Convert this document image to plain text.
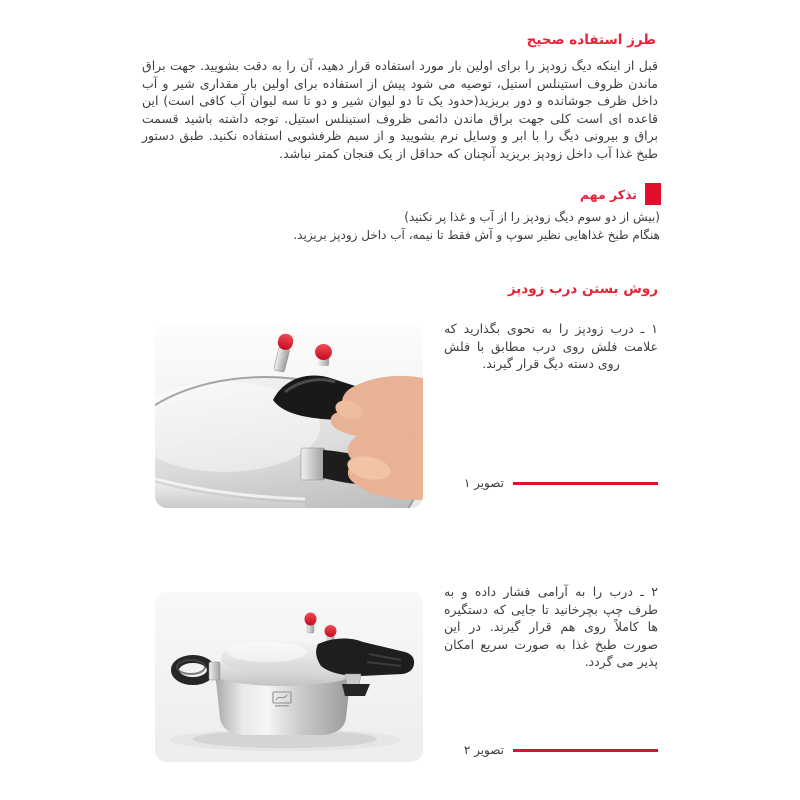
طرز استفاده صحیح

قبل از اینکه دیگ زودپز را برای اولین بار مورد استفاده قرار دهید، آن را به دقت بشویید. جهت براق ماندن ظروف استینلس استیل، توصیه می شود پیش از استفاده برای اولین بار مقداری شیر و آب داخل ظرف جوشانده و دور بریزید(حدود یک تا دو لیوان شیر و دو تا سه لیوان آب کافی است) این قاعده ای است کلی جهت براق ماندن دائمی ظروف استینلس استیل. توجه داشته باشید قسمت براق و بیرونی دیگ را با ابر و وسایل نرم بشویید و از سیم ظرفشویی استفاده نکنید. طبق دستور طبخ غذا آب داخل زودپز بریزید آنچنان که حداقل از یک فنجان کمتر نباشد.

تذکر مهم
(بیش از دو سوم دیگ زودپز را از آب و غذا پر نکنید)
هنگام طبخ غذاهایی نظیر سوپ و آش فقط تا نیمه، آب داخل زودپز بریزید.
روش بستن درب زودپز

۱ ـ درب زودپز را به نحوی بگذارید که علامت فلش روی درب مطابق با فلش روی دسته دیگ قرار گیرند.

تصویر ۱

۲ ـ درب را به آرامی فشار داده و به طرف چپ بچرخانید تا جایی که دستگیره ها کاملاً روی هم قرار گیرند. در این صورت طبخ غذا به صورت سریع امکان پذیر می گردد.

تصویر ۲
